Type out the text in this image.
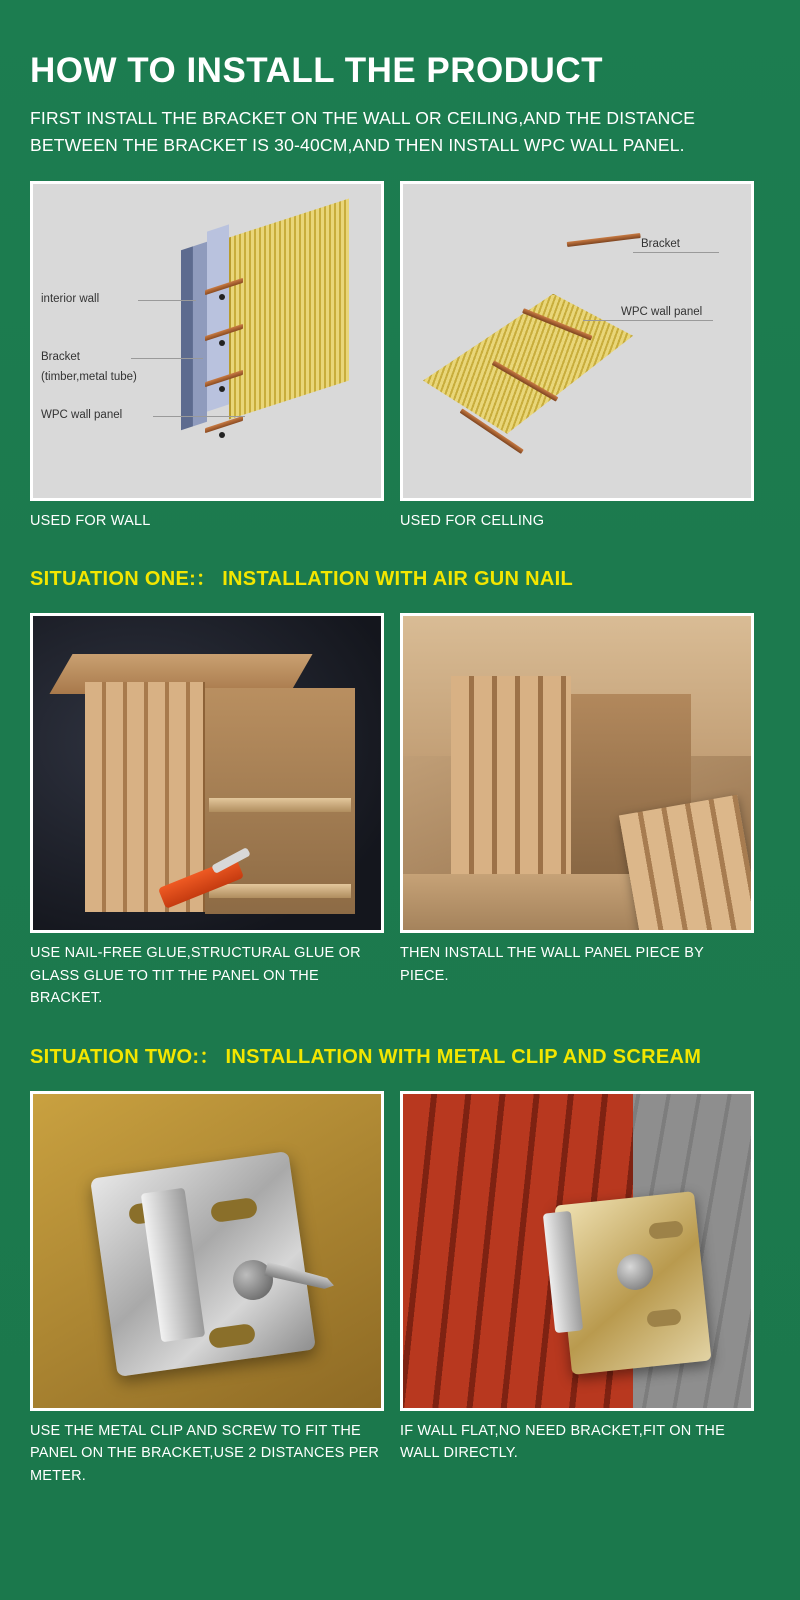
HOW TO INSTALL THE PRODUCT

FIRST INSTALL THE BRACKET ON THE WALL OR CEILING,AND THE DISTANCE BETWEEN THE BRACKET IS 30-40CM,AND THEN INSTALL WPC WALL PANEL.

interior wall
Bracket
(timber,metal tube)
WPC wall panel
USED FOR WALL
Bracket
WPC wall panel
USED FOR CELLING
SITUATION ONE:： INSTALLATION WITH AIR GUN NAIL
USE NAIL-FREE GLUE,STRUCTURAL GLUE OR GLASS GLUE TO TIT THE PANEL ON THE BRACKET.
THEN INSTALL THE WALL PANEL PIECE BY PIECE.
SITUATION TWO:： INSTALLATION WITH METAL CLIP AND SCREAM
USE THE METAL CLIP AND SCREW TO FIT THE PANEL ON THE BRACKET,USE 2 DISTANCES PER METER.
IF WALL FLAT,NO NEED BRACKET,FIT ON THE WALL DIRECTLY.
